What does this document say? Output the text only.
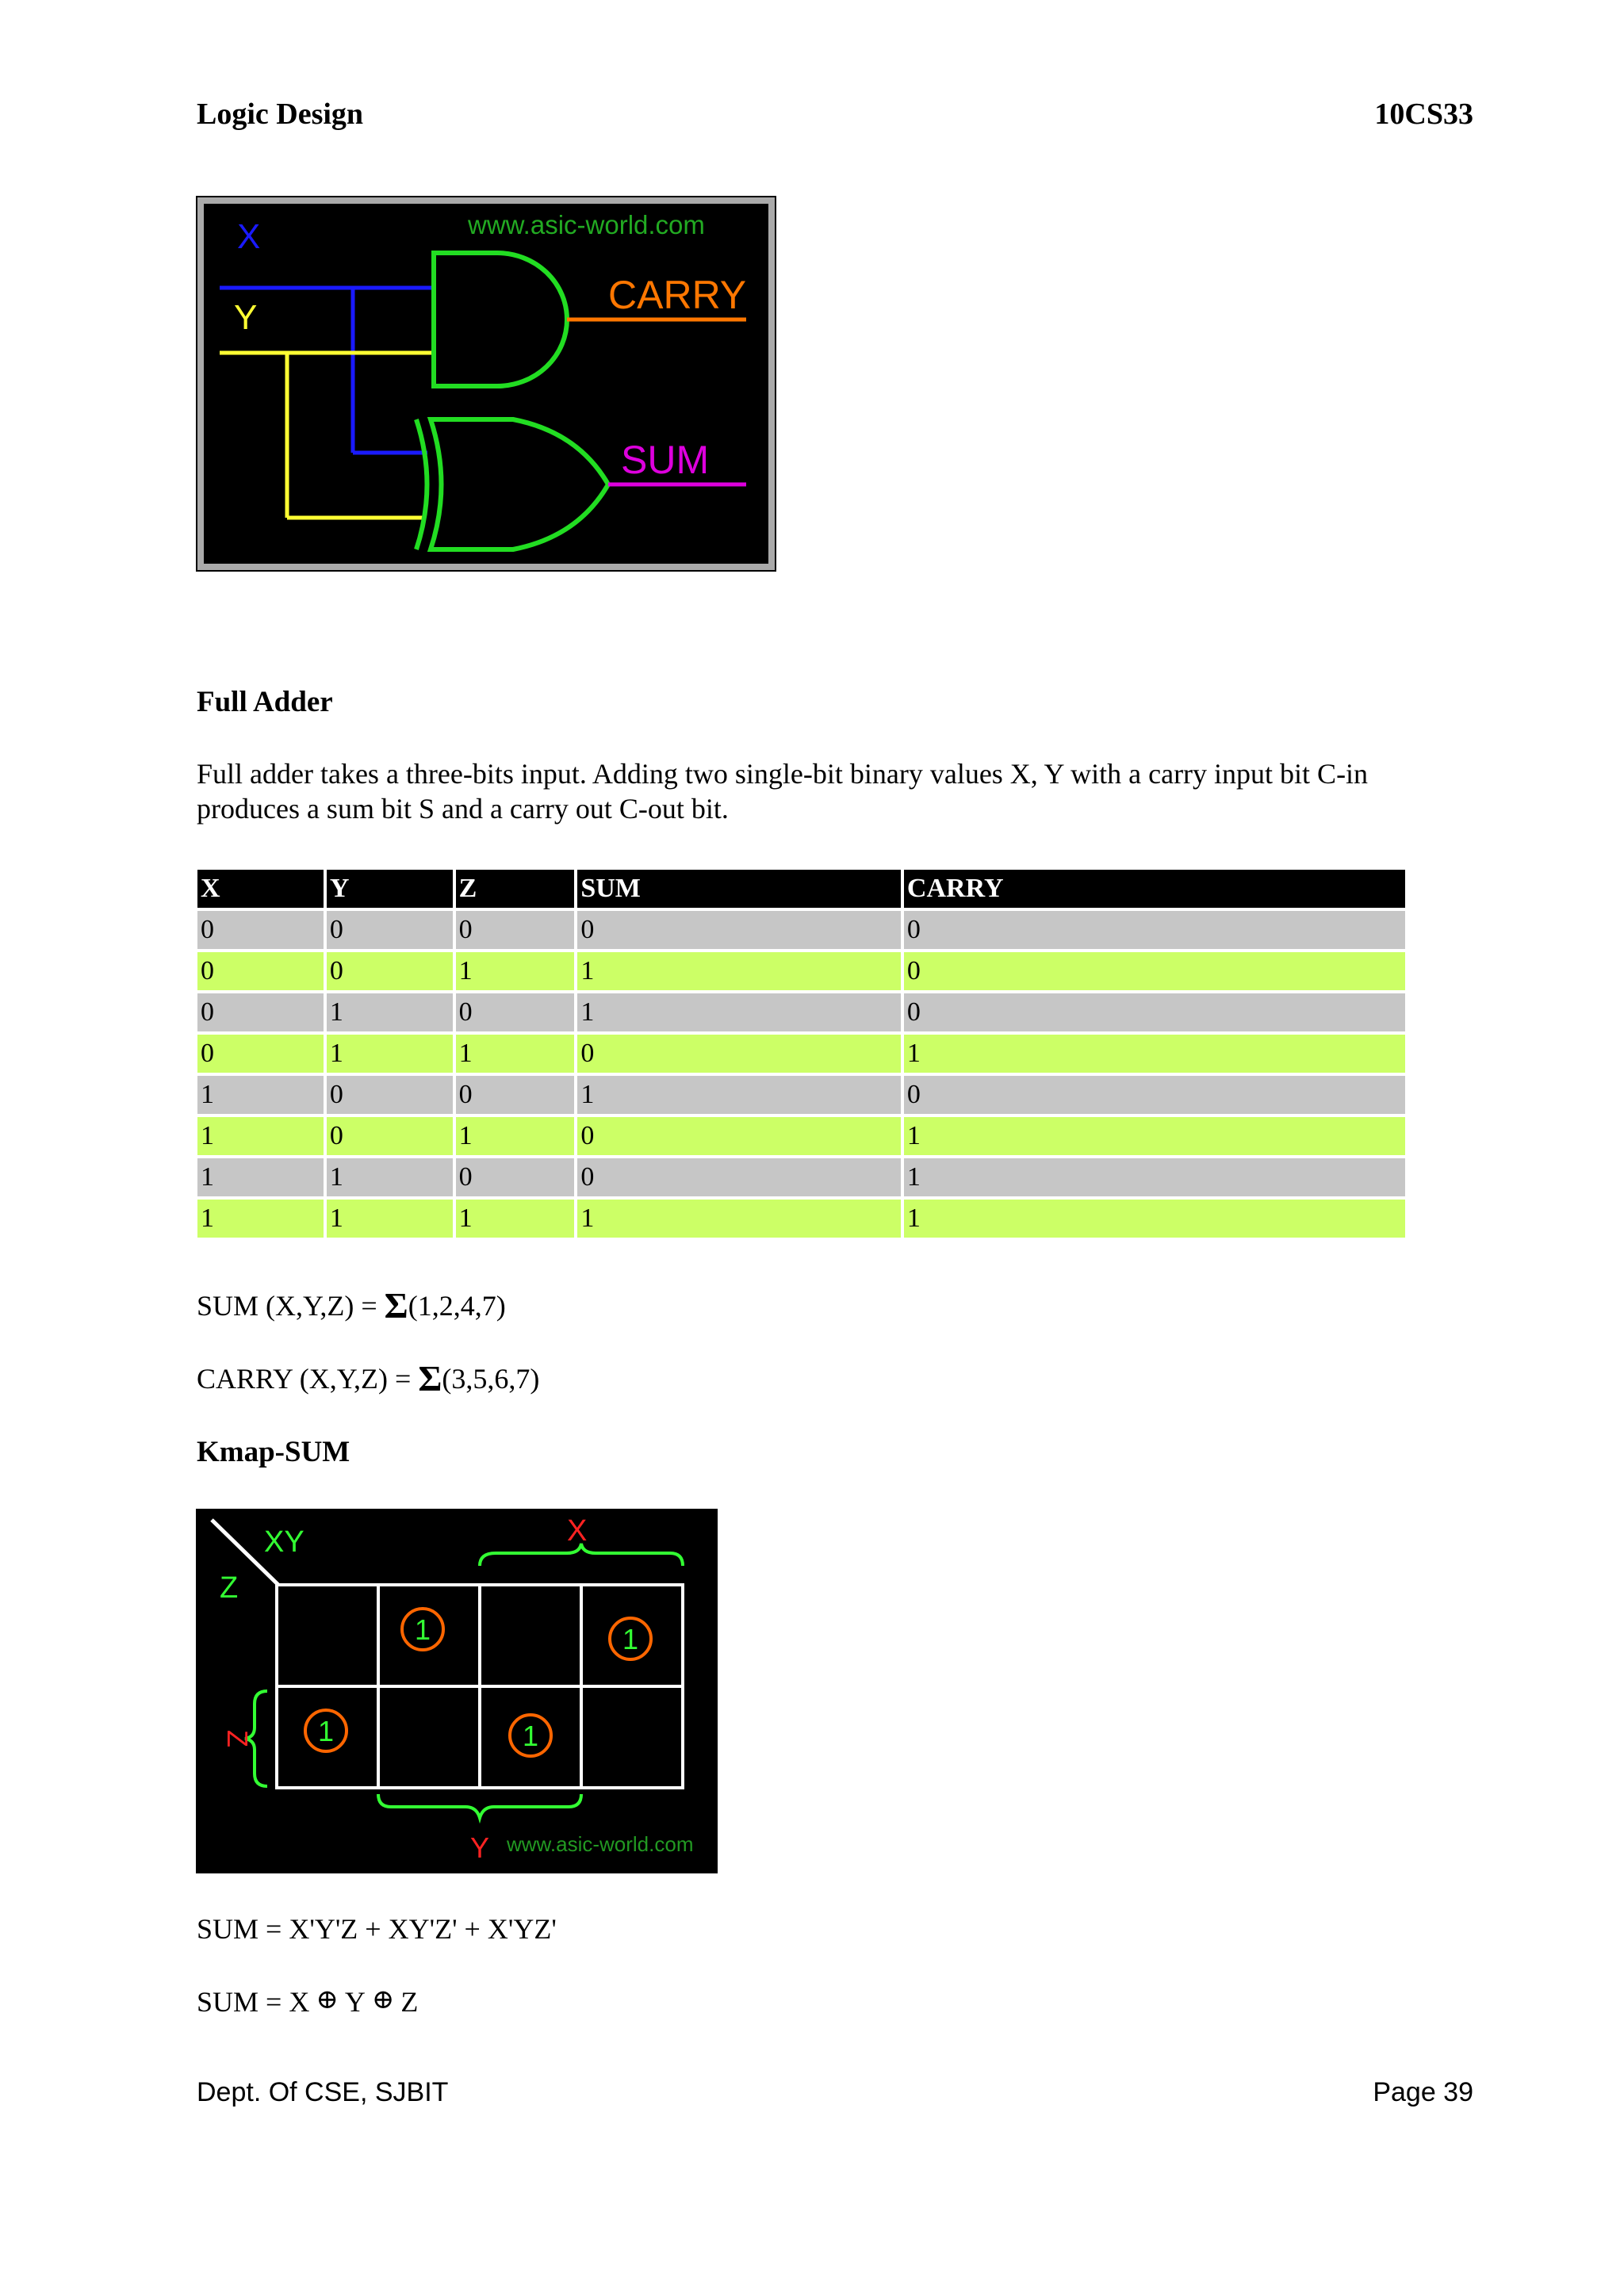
Logic Design	10CS33
www.asic-world.com
X
Y
CARRY
SUM
Full Adder
Full adder takes a three-bits input. Adding two single-bit binary values X, Y with a carry input bit C-in produces a sum bit S and a carry out C-out bit.
X	Y	Z	SUM	CARRY
0	0	0	0	0
0	0	1	1	0
0	1	0	1	0
0	1	1	0	1
1	0	0	1	0
1	0	1	0	1
1	1	0	0	1
1	1	1	1	1
SUM (X,Y,Z) = Σ(1,2,4,7)
CARRY (X,Y,Z) = Σ(3,5,6,7)
Kmap-SUM
XY
Z
X
1	1
1	1
Z
Y www.asic-world.com
SUM = X'Y'Z + XY'Z' + X'YZ'
SUM = X ⊕ Y ⊕ Z
Dept. Of CSE, SJBIT	Page 39
